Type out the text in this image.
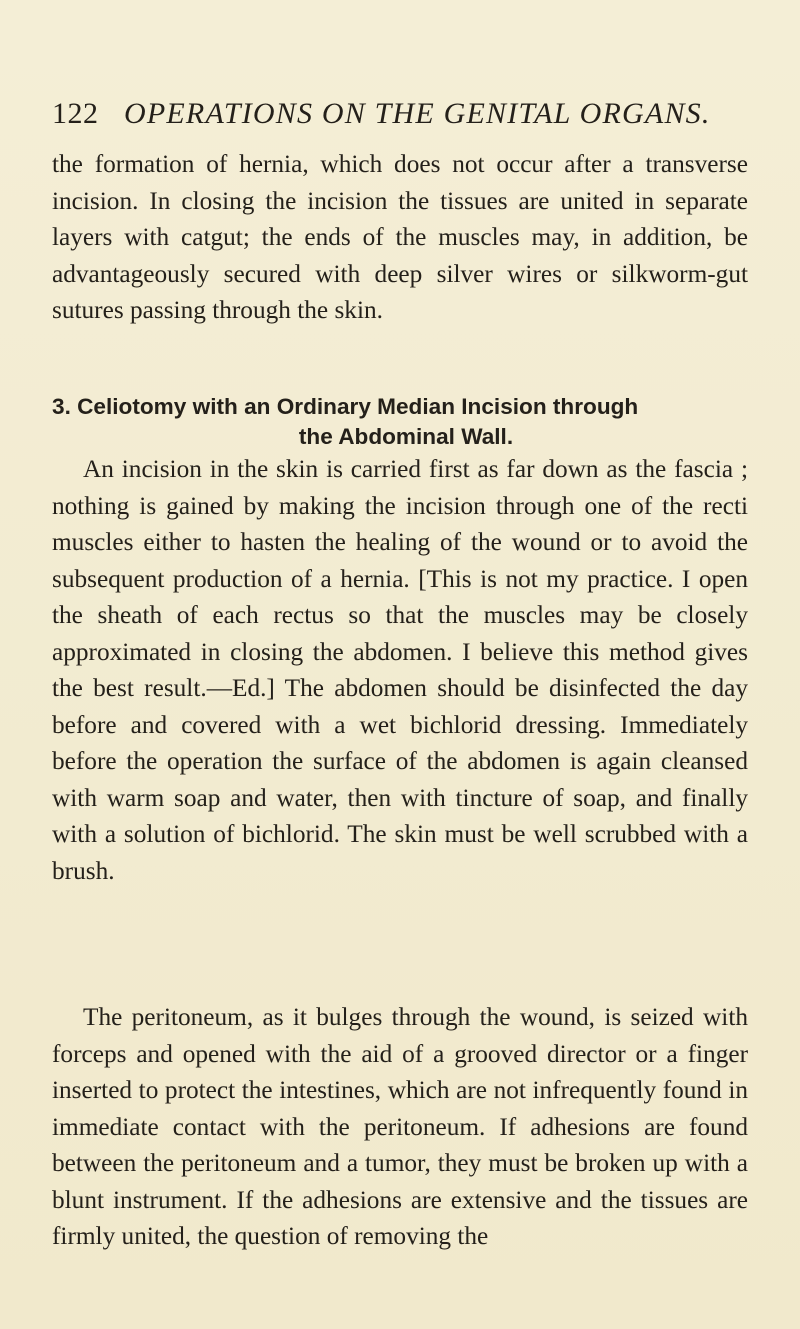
122 OPERATIONS ON THE GENITAL ORGANS.

the formation of hernia, which does not occur after a transverse incision. In closing the incision the tissues are united in separate layers with catgut; the ends of the muscles may, in addition, be advantageously secured with deep silver wires or silkworm-gut sutures passing through the skin.

3. Celiotomy with an Ordinary Median Incision through
the Abdominal Wall.

An incision in the skin is carried first as far down as the fascia ; nothing is gained by making the incision through one of the recti muscles either to hasten the healing of the wound or to avoid the subsequent production of a hernia. [This is not my practice. I open the sheath of each rectus so that the muscles may be closely approximated in closing the abdomen. I believe this method gives the best result.—Ed.] The abdomen should be disinfected the day before and covered with a wet bichlorid dressing. Immediately before the operation the surface of the abdomen is again cleansed with warm soap and water, then with tincture of soap, and finally with a solution of bichlorid. The skin must be well scrubbed with a brush.

The peritoneum, as it bulges through the wound, is seized with forceps and opened with the aid of a grooved director or a finger inserted to protect the intestines, which are not infrequently found in immediate contact with the peritoneum. If adhesions are found between the peritoneum and a tumor, they must be broken up with a blunt instrument. If the adhesions are extensive and the tissues are firmly united, the question of removing the
